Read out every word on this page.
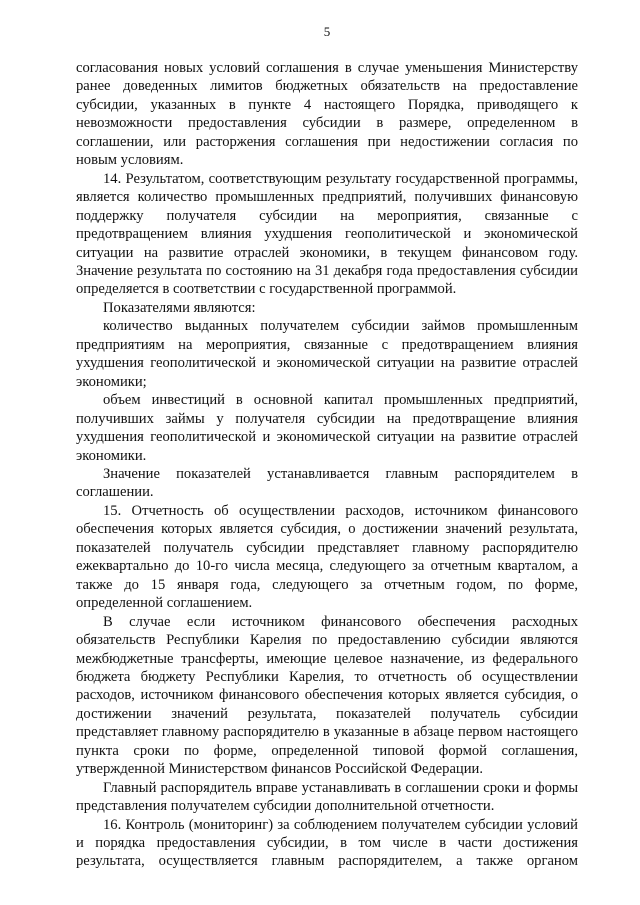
5

согласования новых условий соглашения в случае уменьшения Министерству ранее доведенных лимитов бюджетных обязательств на предоставление субсидии, указанных в пункте 4 настоящего Порядка, приводящего к невозможности предоставления субсидии в размере, определенном в соглашении, или расторжения соглашения при недостижении согласия по новым условиям.

14. Результатом, соответствующим результату государственной программы, является количество промышленных предприятий, получивших финансовую поддержку получателя субсидии на мероприятия, связанные с предотвращением влияния ухудшения геополитической и экономической ситуации на развитие отраслей экономики, в текущем финансовом году. Значение результата по состоянию на 31 декабря года предоставления субсидии определяется в соответствии с государственной программой.

Показателями являются:

количество выданных получателем субсидии займов промышленным предприятиям на мероприятия, связанные с предотвращением влияния ухудшения геополитической и экономической ситуации на развитие отраслей экономики;

объем инвестиций в основной капитал промышленных предприятий, получивших займы у получателя субсидии на предотвращение влияния ухудшения геополитической и экономической ситуации на развитие отраслей экономики.

Значение показателей устанавливается главным распорядителем в соглашении.

15. Отчетность об осуществлении расходов, источником финансового обеспечения которых является субсидия, о достижении значений результата, показателей получатель субсидии представляет главному распорядителю ежеквартально до 10-го числа месяца, следующего за отчетным кварталом, а также до 15 января года, следующего за отчетным годом, по форме, определенной соглашением.

В случае если источником финансового обеспечения расходных обязательств Республики Карелия по предоставлению субсидии являются межбюджетные трансферты, имеющие целевое назначение, из федерального бюджета бюджету Республики Карелия, то отчетность об осуществлении расходов, источником финансового обеспечения которых является субсидия, о достижении значений результата, показателей получатель субсидии представляет главному распорядителю в указанные в абзаце первом настоящего пункта сроки по форме, определенной типовой формой соглашения, утвержденной Министерством финансов Российской Федерации.

Главный распорядитель вправе устанавливать в соглашении сроки и формы представления получателем субсидии дополнительной отчетности.

16. Контроль (мониторинг) за соблюдением получателем субсидии условий и порядка предоставления субсидии, в том числе в части достижения результата, осуществляется главным распорядителем, а также органом
